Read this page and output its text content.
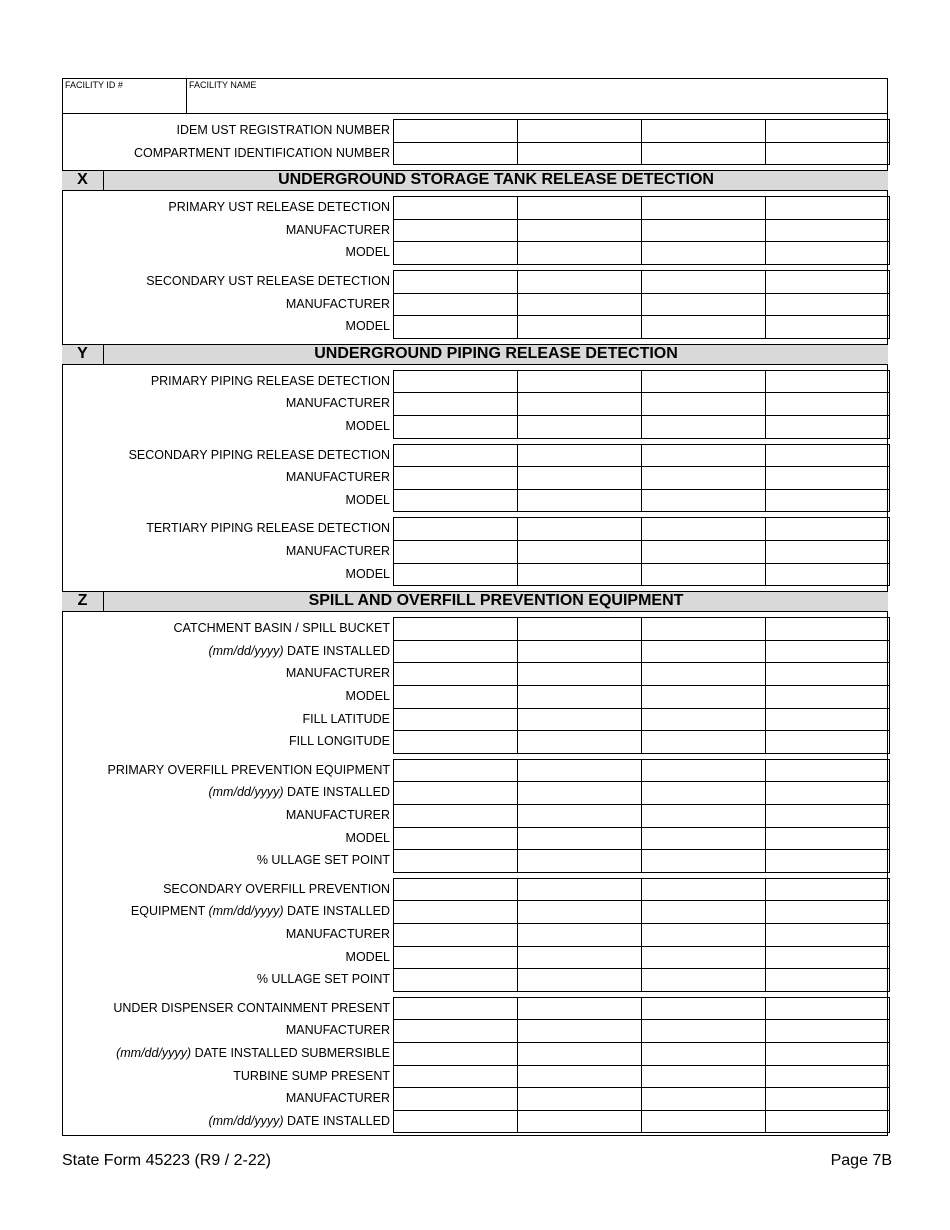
FACILITY ID #	FACILITY NAME
IDEM UST REGISTRATION NUMBER
COMPARTMENT IDENTIFICATION NUMBER
X	UNDERGROUND STORAGE TANK RELEASE DETECTION
PRIMARY UST RELEASE DETECTION
MANUFACTURER
MODEL
SECONDARY UST RELEASE DETECTION
MANUFACTURER
MODEL
Y	UNDERGROUND PIPING RELEASE DETECTION
PRIMARY PIPING RELEASE DETECTION
MANUFACTURER
MODEL
SECONDARY PIPING RELEASE DETECTION
MANUFACTURER
MODEL
TERTIARY PIPING RELEASE DETECTION
MANUFACTURER
MODEL
Z	SPILL AND OVERFILL PREVENTION EQUIPMENT
CATCHMENT BASIN / SPILL BUCKET
(mm/dd/yyyy) DATE INSTALLED
MANUFACTURER
MODEL
FILL LATITUDE
FILL LONGITUDE
PRIMARY OVERFILL PREVENTION EQUIPMENT
(mm/dd/yyyy) DATE INSTALLED
MANUFACTURER
MODEL
% ULLAGE SET POINT
SECONDARY OVERFILL PREVENTION
EQUIPMENT (mm/dd/yyyy) DATE INSTALLED
MANUFACTURER
MODEL
% ULLAGE SET POINT
UNDER DISPENSER CONTAINMENT PRESENT
MANUFACTURER
(mm/dd/yyyy) DATE INSTALLED SUBMERSIBLE
TURBINE SUMP PRESENT
MANUFACTURER
(mm/dd/yyyy) DATE INSTALLED
State Form 45223 (R9 / 2-22)	Page 7B
